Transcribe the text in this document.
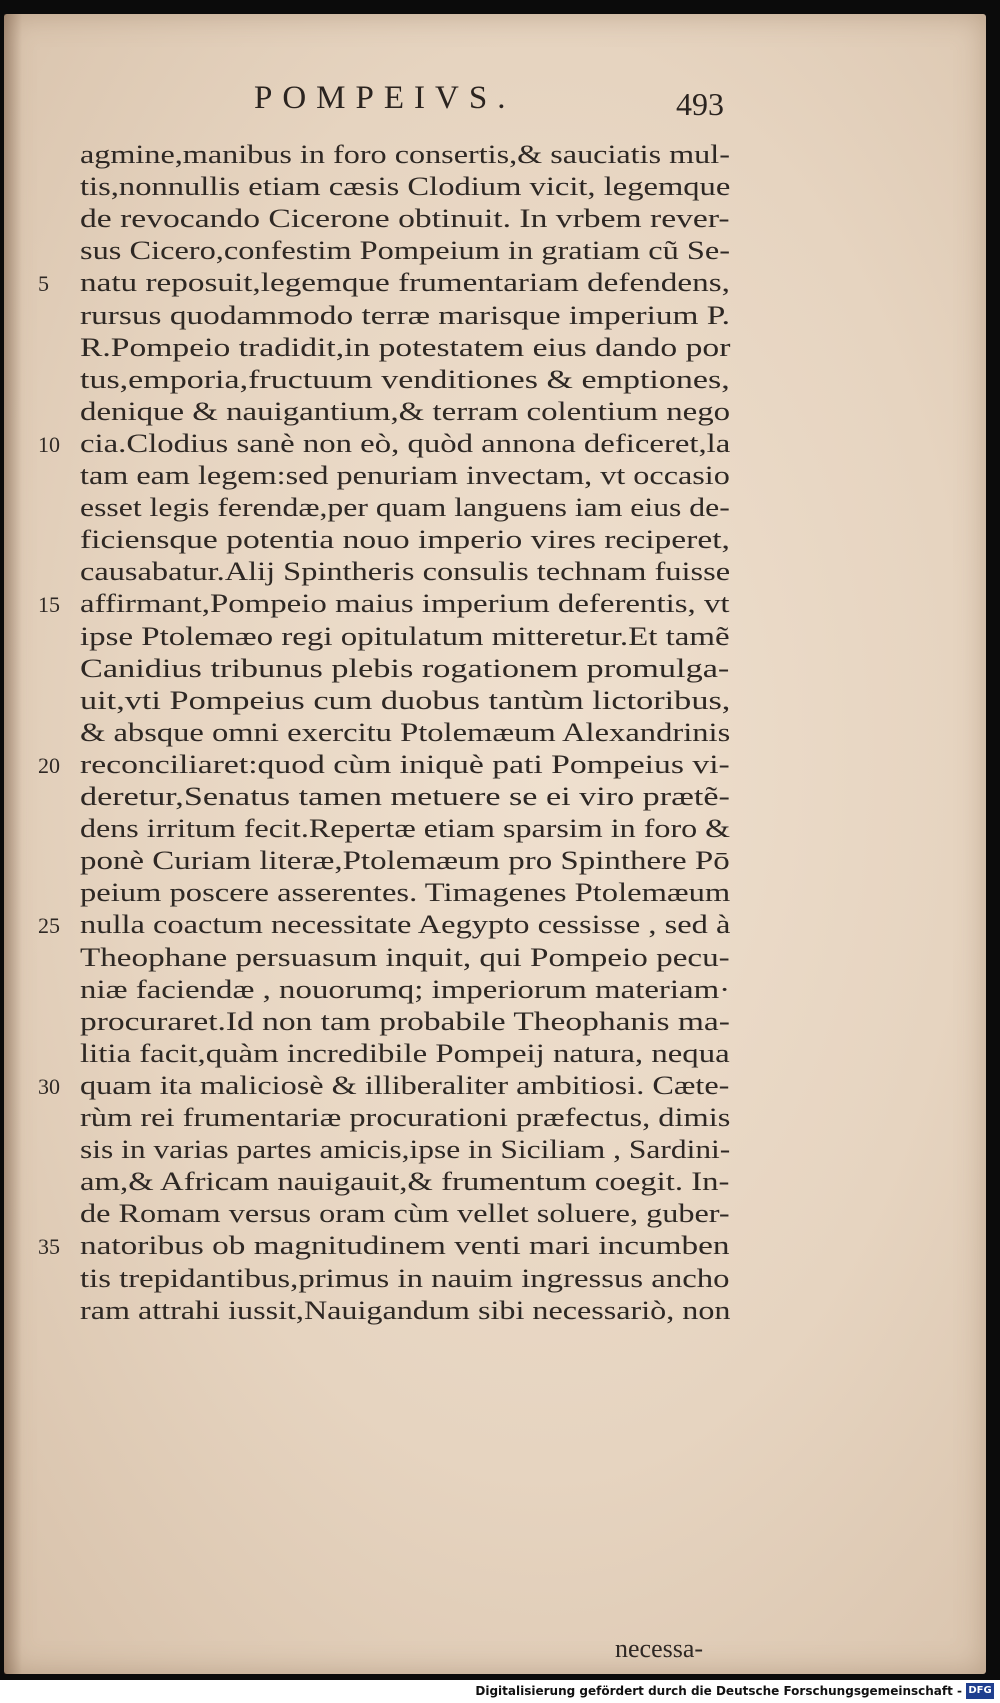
POMPEIVS.	493
agmine,manibus in foro consertis,& sauciatis mul-
tis,nonnullis etiam cæsis Clodium vicit, legemque
de revocando Cicerone obtinuit. In vrbem rever-
sus Cicero,confestim Pompeium in gratiam cũ Se-
natu reposuit,legemque frumentariam defendens,
rursus quodammodo terræ marisque imperium P.
R.Pompeio tradidit,in potestatem eius dando por
tus,emporia,fructuum venditiones & emptiones,
denique & nauigantium,& terram colentium nego
cia.Clodius sanè non eò, quòd annona deficeret,la
tam eam legem:sed penuriam invectam, vt occasio
esset legis ferendæ,per quam languens iam eius de-
ficiensque potentia nouo imperio vires reciperet,
causabatur.Alij Spintheris consulis technam fuisse
affirmant,Pompeio maius imperium deferentis, vt
ipse Ptolemæo regi opitulatum mitteretur.Et tamẽ
Canidius tribunus plebis rogationem promulga-
uit,vti Pompeius cum duobus tantùm lictoribus,
& absque omni exercitu Ptolemæum Alexandrinis
reconciliaret:quod cùm iniquè pati Pompeius vi-
deretur,Senatus tamen metuere se ei viro prætẽ-
dens irritum fecit.Repertæ etiam sparsim in foro &
ponè Curiam literæ,Ptolemæum pro Spinthere Pō
peium poscere asserentes. Timagenes Ptolemæum
nulla coactum necessitate Aegypto cessisse , sed à
Theophane persuasum inquit, qui Pompeio pecu-
niæ faciendæ , nouorumq; imperiorum materiam·
procuraret.Id non tam probabile Theophanis ma-
litia facit,quàm incredibile Pompeij natura, nequa
quam ita maliciosè & illiberaliter ambitiosi. Cæte-
rùm rei frumentariæ procurationi præfectus, dimis
sis in varias partes amicis,ipse in Siciliam , Sardini-
am,& Africam nauigauit,& frumentum coegit. In-
de Romam versus oram cùm vellet soluere, guber-
natoribus ob magnitudinem venti mari incumben
tis trepidantibus,primus in nauim ingressus ancho
ram attrahi iussit,Nauigandum sibi necessariò, non
5
10
15
20
25
30
35
necessa-
Digitalisierung gefördert durch die Deutsche Forschungsgemeinschaft - DFG
